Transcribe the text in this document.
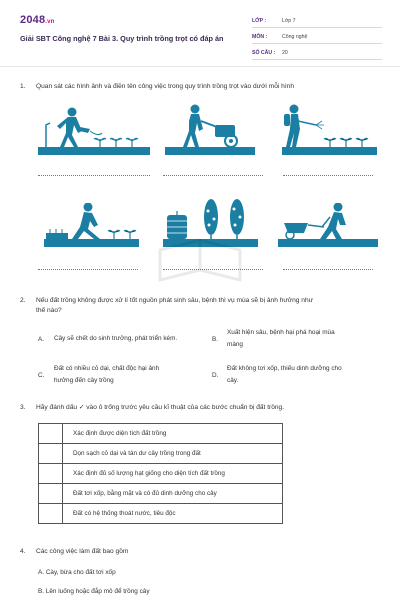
2048.vn
Giải SBT Công nghệ 7 Bài 3. Quy trình trồng trọt có đáp án
LỚP :	Lớp 7
MÔN :	Công nghệ
SỐ CÂU :	20
1. Quan sát các hình ảnh và điền tên công việc trong quy trình trồng trọt vào dưới mỗi hình
2. Nếu đất trồng không được xử lí tốt nguồn phát sinh sâu, bệnh thì vụ mùa sẽ bị ảnh hưởng như
thế nào?
A. Cây sẽ chết do sinh trưởng, phát triển kém.	B.
Xuất hiện sâu, bệnh hại phá hoại mùa
màng
C.
Đất có nhiều cỏ dại, chất độc hại ảnh
hưởng đến cây trồng
D.
Đất không tơi xốp, thiếu dinh dưỡng cho
cây.
3. Hãy đánh dấu ✓ vào ô trống trước yêu cầu kĩ thuật của các bước chuẩn bị đất trồng.
	Xác định được diện tích đất trồng
	Dọn sạch cỏ dại và tàn dư cây trồng trong đất
	Xác định đủ số lượng hạt giống cho diện tích đất trồng
	Đất tơi xốp, bằng mặt và có đủ dinh dưỡng cho cây
	Đất có hệ thống thoát nước, tiêu độc
4. Các công việc làm đất bao gồm
A. Cày, bừa cho đất tơi xốp
B. Lên luống hoặc đắp mô để trồng cây
